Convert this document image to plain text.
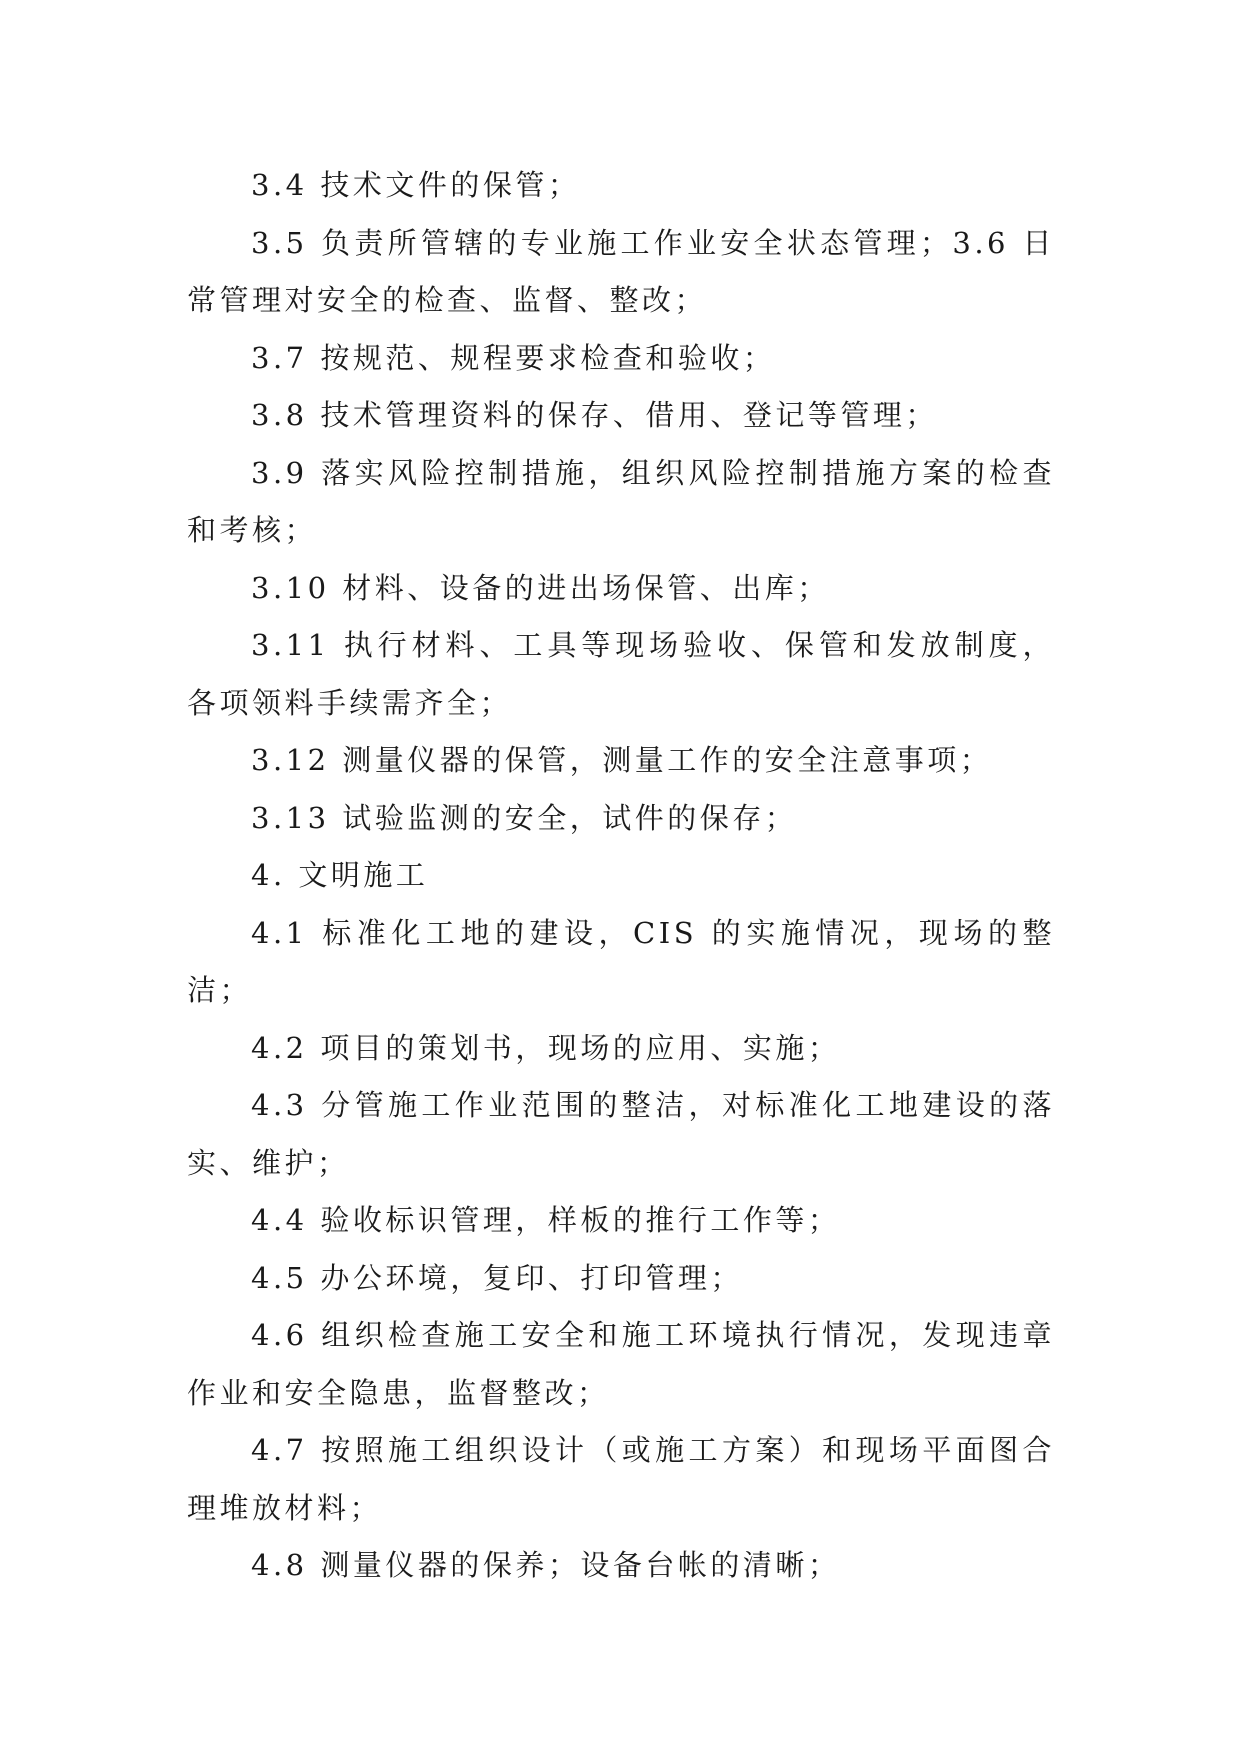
3.4 技术文件的保管；

3.5 负责所管辖的专业施工作业安全状态管理；3.6 日常管理对安全的检查、监督、整改；

3.7 按规范、规程要求检查和验收；

3.8 技术管理资料的保存、借用、登记等管理；

3.9 落实风险控制措施，组织风险控制措施方案的检查和考核；

3.10 材料、设备的进出场保管、出库；

3.11 执行材料、工具等现场验收、保管和发放制度，各项领料手续需齐全；

3.12 测量仪器的保管，测量工作的安全注意事项；

3.13 试验监测的安全，试件的保存；

4. 文明施工

4.1 标准化工地的建设，CIS 的实施情况，现场的整洁；

4.2 项目的策划书，现场的应用、实施；

4.3 分管施工作业范围的整洁，对标准化工地建设的落实、维护；

4.4 验收标识管理，样板的推行工作等；

4.5 办公环境，复印、打印管理；

4.6 组织检查施工安全和施工环境执行情况，发现违章作业和安全隐患，监督整改；

4.7 按照施工组织设计（或施工方案）和现场平面图合理堆放材料；

4.8 测量仪器的保养；设备台帐的清晰；
